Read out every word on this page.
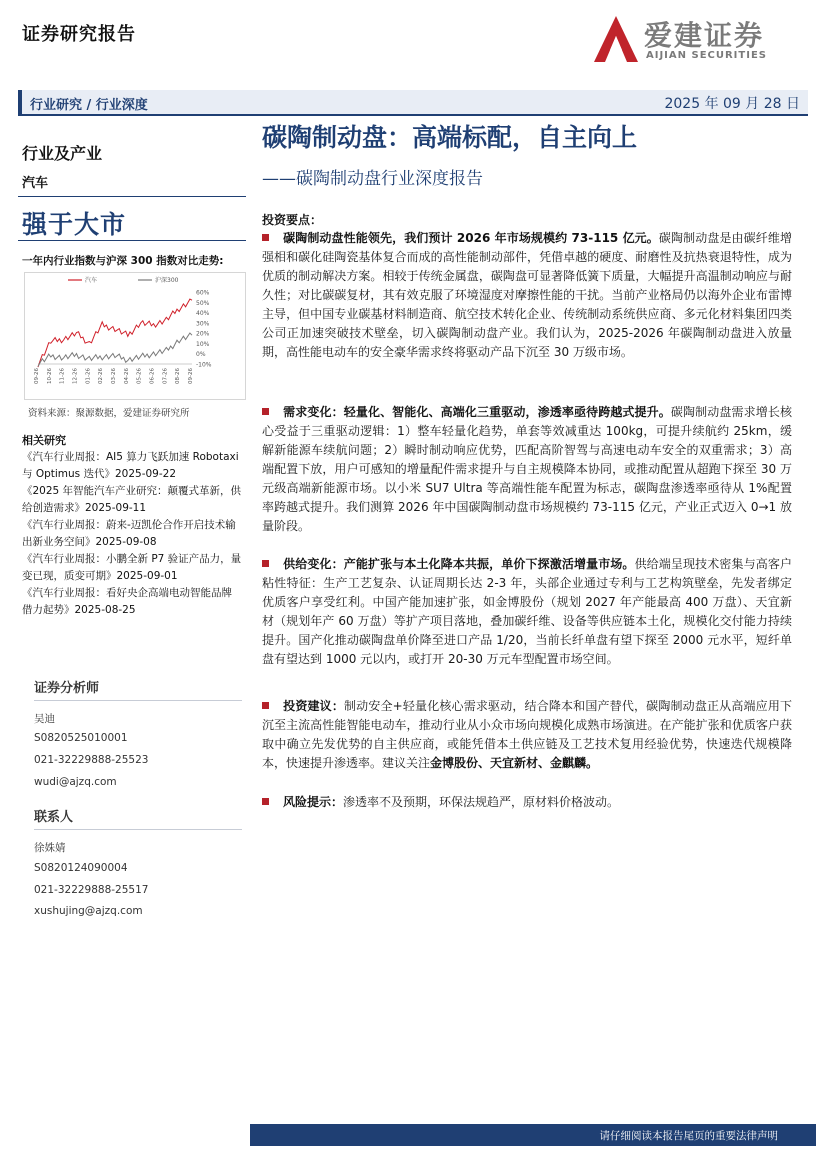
证券研究报告	爱建证券
AIJIAN SECURITIES
行业研究 / 行业深度	2025 年 09 月 28 日
行业及产业
汽车
强于大市
一年内行业指数与沪深 300 指数对比走势:
60%
50%
40%
30%
20%
10%
0%
-10%
09-26 10-26 11-26 12-26 01-26 02-26 03-26 04-26 05-26 06-26 07-26 08-26 09-26
汽车	沪深300
资料来源：聚源数据，爱建证券研究所
相关研究
《汽车行业周报：AI5 算力飞跃加速 Robotaxi 与 Optimus 迭代》2025-09-22
《2025 年智能汽车产业研究：颠覆式革新，供给创造需求》2025-09-11
《汽车行业周报：蔚来-迈凯伦合作开启技术输出新业务空间》2025-09-08
《汽车行业周报：小鹏全新 P7 验证产品力，量变已现，质变可期》2025-09-01
《汽车行业周报：看好央企高端电动智能品牌借力起势》2025-08-25
证券分析师
吴迪
S0820525010001
021-32229888-25523
wudi@ajzq.com
联系人
徐姝婧
S0820124090004
021-32229888-25517
xushujing@ajzq.com
碳陶制动盘：高端标配，自主向上
——碳陶制动盘行业深度报告
投资要点：
碳陶制动盘性能领先，我们预计 2026 年市场规模约 73-115 亿元。碳陶制动盘是由碳纤维增强相和碳化硅陶瓷基体复合而成的高性能制动部件，凭借卓越的硬度、耐磨性及抗热衰退特性，成为优质的制动解决方案。相较于传统金属盘，碳陶盘可显著降低簧下质量，大幅提升高温制动响应与耐久性；对比碳碳复材，其有效克服了环境湿度对摩擦性能的干扰。当前产业格局仍以海外企业布雷博主导，但中国专业碳基材料制造商、航空技术转化企业、传统制动系统供应商、多元化材料集团四类公司正加速突破技术壁垒，切入碳陶制动盘产业。我们认为，2025-2026 年碳陶制动盘进入放量期，高性能电动车的安全豪华需求终将驱动产品下沉至 30 万级市场。
需求变化：轻量化、智能化、高端化三重驱动，渗透率亟待跨越式提升。碳陶制动盘需求增长核心受益于三重驱动逻辑：1）整车轻量化趋势，单套等效减重达 100kg，可提升续航约 25km，缓解新能源车续航问题；2）瞬时制动响应优势，匹配高阶智驾与高速电动车安全的双重需求；3）高端配置下放，用户可感知的增量配件需求提升与自主规模降本协同，或推动配置从超跑下探至 30 万元级高端新能源市场。以小米 SU7 Ultra 等高端性能车配置为标志，碳陶盘渗透率亟待从 1%配置率跨越式提升。我们测算 2026 年中国碳陶制动盘市场规模约 73-115 亿元，产业正式迈入 0→1 放量阶段。
供给变化：产能扩张与本土化降本共振，单价下探激活增量市场。供给端呈现技术密集与高客户粘性特征：生产工艺复杂、认证周期长达 2-3 年，头部企业通过专利与工艺构筑壁垒，先发者绑定优质客户享受红利。中国产能加速扩张，如金博股份（规划 2027 年产能最高 400 万盘）、天宜新材（规划年产 60 万盘）等扩产项目落地，叠加碳纤维、设备等供应链本土化，规模化交付能力持续提升。国产化推动碳陶盘单价降至进口产品 1/20，当前长纤单盘有望下探至 2000 元水平，短纤单盘有望达到 1000 元以内，或打开 20-30 万元车型配置市场空间。
投资建议：制动安全+轻量化核心需求驱动，结合降本和国产替代，碳陶制动盘正从高端应用下沉至主流高性能智能电动车，推动行业从小众市场向规模化成熟市场演进。在产能扩张和优质客户获取中确立先发优势的自主供应商，或能凭借本土供应链及工艺技术复用经验优势，快速迭代规模降本，快速提升渗透率。建议关注金博股份、天宜新材、金麒麟。
风险提示：渗透率不及预期，环保法规趋严，原材料价格波动。
请仔细阅读本报告尾页的重要法律声明
